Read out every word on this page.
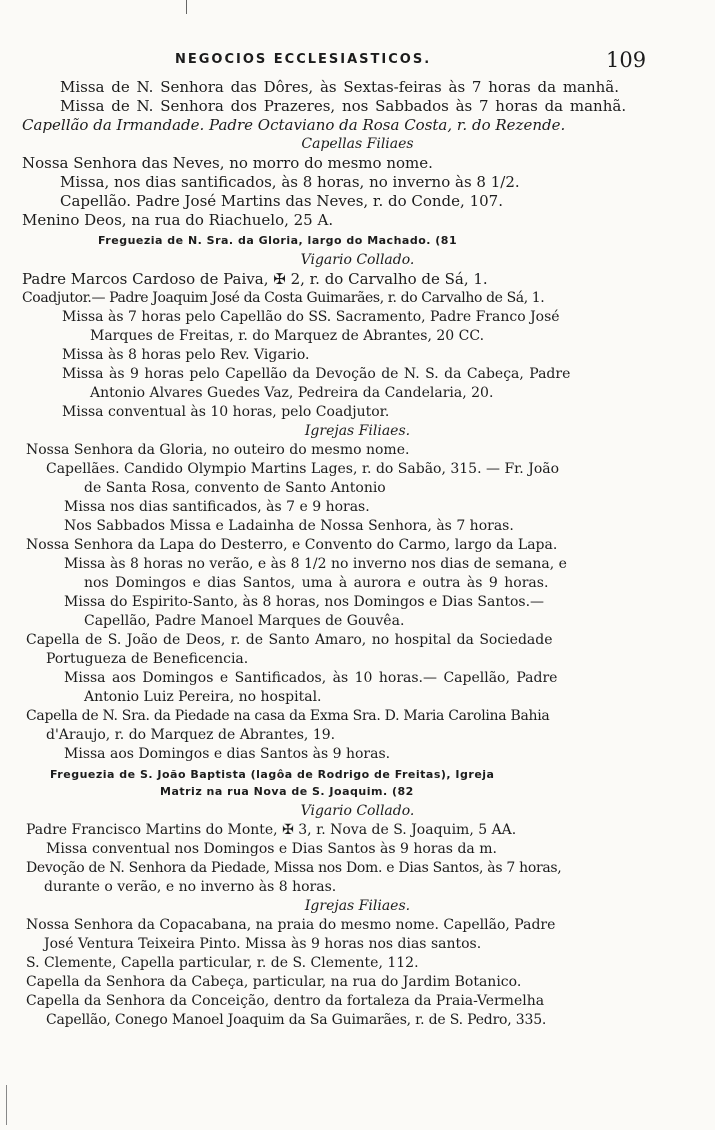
NEGOCIOS ECCLESIASTICOS.	109
Missa de N. Senhora das Dôres, às Sextas-feiras às 7 horas da manhã.
Missa de N. Senhora dos Prazeres, nos Sabbados às 7 horas da manhã.
Capellão da Irmandade. Padre Octaviano da Rosa Costa, r. do Rezende.
Capellas Filiaes
Nossa Senhora das Neves, no morro do mesmo nome.
Missa, nos dias santificados, às 8 horas, no inverno às 8 1/2.
Capellão. Padre José Martins das Neves, r. do Conde, 107.
Menino Deos, na rua do Riachuelo, 25 A.
Freguezia de N. Sra. da Gloria, largo do Machado. (81
Vigario Collado.
Padre Marcos Cardoso de Paiva, ✠ 2, r. do Carvalho de Sá, 1.
Coadjutor.— Padre Joaquim José da Costa Guimarães, r. do Carvalho de Sá, 1.
Missa às 7 horas pelo Capellão do SS. Sacramento, Padre Franco José
Marques de Freitas, r. do Marquez de Abrantes, 20 CC.
Missa às 8 horas pelo Rev. Vigario.
Missa às 9 horas pelo Capellão da Devoção de N. S. da Cabeça, Padre
Antonio Alvares Guedes Vaz, Pedreira da Candelaria, 20.
Missa conventual às 10 horas, pelo Coadjutor.
Igrejas Filiaes.
Nossa Senhora da Gloria, no outeiro do mesmo nome.
Capellães. Candido Olympio Martins Lages, r. do Sabão, 315. — Fr. João
de Santa Rosa, convento de Santo Antonio
Missa nos dias santificados, às 7 e 9 horas.
Nos Sabbados Missa e Ladainha de Nossa Senhora, às 7 horas.
Nossa Senhora da Lapa do Desterro, e Convento do Carmo, largo da Lapa.
Missa às 8 horas no verão, e às 8 1/2 no inverno nos dias de semana, e
nos Domingos e dias Santos, uma à aurora e outra às 9 horas.
Missa do Espirito-Santo, às 8 horas, nos Domingos e Dias Santos.—
Capellão, Padre Manoel Marques de Gouvêa.
Capella de S. João de Deos, r. de Santo Amaro, no hospital da Sociedade
Portugueza de Beneficencia.
Missa aos Domingos e Santificados, às 10 horas.— Capellão, Padre
Antonio Luiz Pereira, no hospital.
Capella de N. Sra. da Piedade na casa da Exma Sra. D. Maria Carolina Bahia
d'Araujo, r. do Marquez de Abrantes, 19.
Missa aos Domingos e dias Santos às 9 horas.
Freguezia de S. João Baptista (lagôa de Rodrigo de Freitas), Igreja
Matriz na rua Nova de S. Joaquim. (82
Vigario Collado.
Padre Francisco Martins do Monte, ✠ 3, r. Nova de S. Joaquim, 5 AA.
Missa conventual nos Domingos e Dias Santos às 9 horas da m.
Devoção de N. Senhora da Piedade, Missa nos Dom. e Dias Santos, às 7 horas,
durante o verão, e no inverno às 8 horas.
Igrejas Filiaes.
Nossa Senhora da Copacabana, na praia do mesmo nome. Capellão, Padre
José Ventura Teixeira Pinto. Missa às 9 horas nos dias santos.
S. Clemente, Capella particular, r. de S. Clemente, 112.
Capella da Senhora da Cabeça, particular, na rua do Jardim Botanico.
Capella da Senhora da Conceição, dentro da fortaleza da Praia-Vermelha
Capellão, Conego Manoel Joaquim da Sa Guimarães, r. de S. Pedro, 335.
